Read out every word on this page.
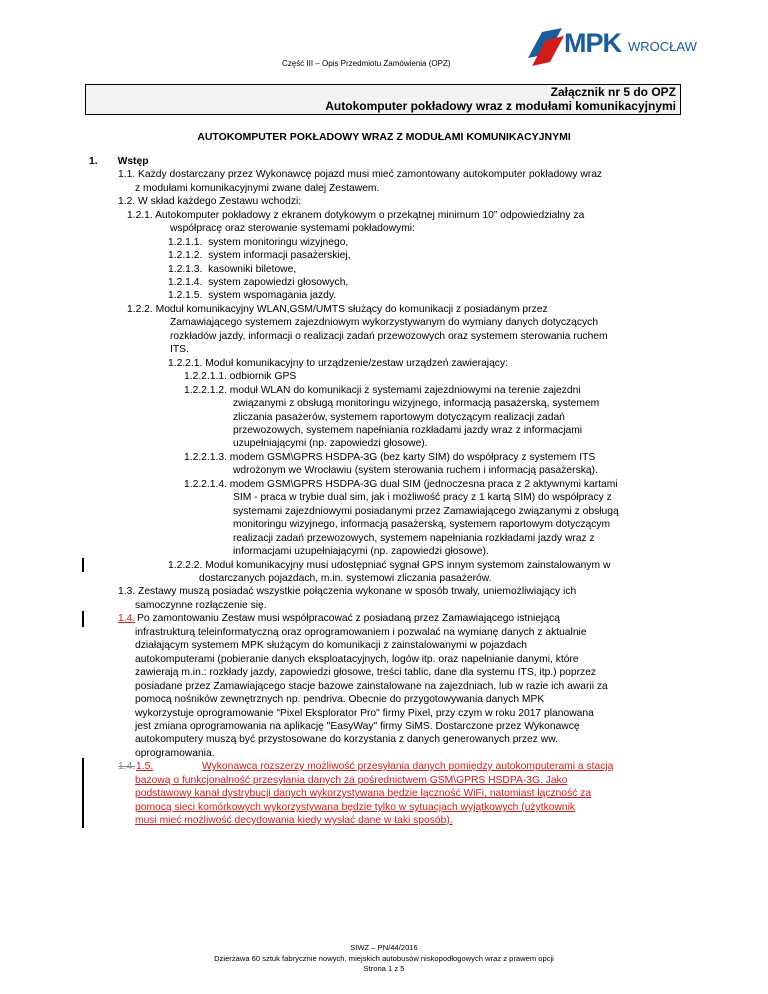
Część III – Opis Przedmiotu Zamówienia (OPZ)
MPK WROCŁAW
Załącznik nr 5 do OPZ
Autokomputer pokładowy wraz z modułami komunikacyjnymi
AUTOKOMPUTER POKŁADOWY WRAZ Z MODUŁAMI KOMUNIKACYJNYMI
1.       Wstęp
1.1. Każdy dostarczany przez Wykonawcę pojazd musi mieć zamontowany autokomputer pokładowy wraz
z modułami komunikacyjnymi zwane dalej Zestawem.
1.2. W skład każdego Zestawu wchodzi:
1.2.1. Autokomputer pokładowy z ekranem dotykowym o przekątnej minimum 10” odpowiedzialny za
współpracę oraz sterowanie systemami pokładowymi:
1.2.1.1.  system monitoringu wizyjnego,
1.2.1.2.  system informacji pasażerskiej,
1.2.1.3.  kasowniki biletowe,
1.2.1.4.  system zapowiedzi głosowych,
1.2.1.5.  system wspomagania jazdy.
1.2.2. Moduł komunikacyjny WLAN,GSM/UMTS służący do komunikacji z posiadanym przez
Zamawiającego systemem zajezdniowym wykorzystywanym do wymiany danych dotyczących
rozkładów jazdy, informacji o realizacji zadań przewozowych oraz systemem sterowania ruchem
ITS.
1.2.2.1. Moduł komunikacyjny to urządzenie/zestaw urządzeń zawierający:
1.2.2.1.1. odbiornik GPS
1.2.2.1.2. moduł WLAN do komunikacji z systemami zajezdniowymi na terenie zajezdni
związanymi z obsługą monitoringu wizyjnego, informacją pasażerską, systemem
zliczania pasażerów, systemem raportowym dotyczącym realizacji zadań
przewozowych, systemem napełniania rozkładami jazdy wraz z informacjami
uzupełniającymi (np. zapowiedzi głosowe).
1.2.2.1.3. modem GSM\GPRS HSDPA-3G (bez karty SIM) do współpracy z systemem ITS
wdrożonym we Wrocławiu (system sterowania ruchem i informacją pasażerską).
1.2.2.1.4. modem GSM\GPRS HSDPA-3G dual SIM (jednoczesna praca z 2 aktywnymi kartami
SIM - praca w trybie dual sim, jak i możliwość pracy z 1 kartą SIM) do współpracy z
systemami zajezdniowymi posiadanymi przez Zamawiającego związanymi z obsługą
monitoringu wizyjnego, informacją pasażerską, systemem raportowym dotyczącym
realizacji zadań przewozowych, systemem napełniania rozkładami jazdy wraz z
informacjami uzupełniającymi (np. zapowiedzi głosowe).
1.2.2.2. Moduł komunikacyjny musi udostępniać sygnał GPS innym systemom zainstalowanym w
dostarczanych pojazdach, m.in. systemowi zliczania pasażerów.
1.3. Zestawy muszą posiadać wszystkie połączenia wykonane w sposób trwały, uniemożliwiający ich
samoczynne rozłączenie się.
1.4. Po zamontowaniu Zestaw musi współpracować z posiadaną przez Zamawiającego istniejącą
infrastrukturą teleinformatyczną oraz oprogramowaniem i pozwalać na wymianę danych z aktualnie
działającym systemem MPK służącym do komunikacji z zainstalowanymi w pojazdach
autokomputerami (pobieranie danych eksploatacyjnych, logów itp. oraz napełnianie danymi, które
zawierają m.in.: rozkłady jazdy, zapowiedzi głosowe, treści tablic, dane dla systemu ITS, itp.) poprzez
posiadane przez Zamawiającego stacje bazowe zainstalowane na zajezdniach, lub w razie ich awarii za
pomocą nośników zewnętrznych np. pendriva. Obecnie do przygotowywania danych MPK
wykorzystuje oprogramowanie "Pixel Eksplorator Pro" firmy Pixel, przy czym w roku 2017 planowana
jest zmiana oprogramowania na aplikację "EasyWay" firmy SiMS. Dostarczone przez Wykonawcę
autokomputery muszą być przystosowane do korzystania z danych generowanych przez ww.
oprogramowania.
1.4. 1.5.	Wykonawca rozszerzy możliwość przesyłania danych pomiędzy autokomputerami a stacją
bazową o funkcjonalność przesyłania danych za pośrednictwem GSM\GPRS HSDPA-3G. Jako
podstawowy kanał dystrybucji danych wykorzystywana będzie łączność WiFi, natomiast łączność za
pomocą sieci komórkowych wykorzystywana będzie tylko w sytuacjach wyjątkowych (użytkownik
musi mieć możliwość decydowania kiedy wysłać dane w taki sposób).
SIWZ – PN/44/2016
Dzierżawa 60 sztuk fabrycznie nowych, miejskich autobusów niskopodłogowych wraz z prawem opcji
Strona 1 z 5
